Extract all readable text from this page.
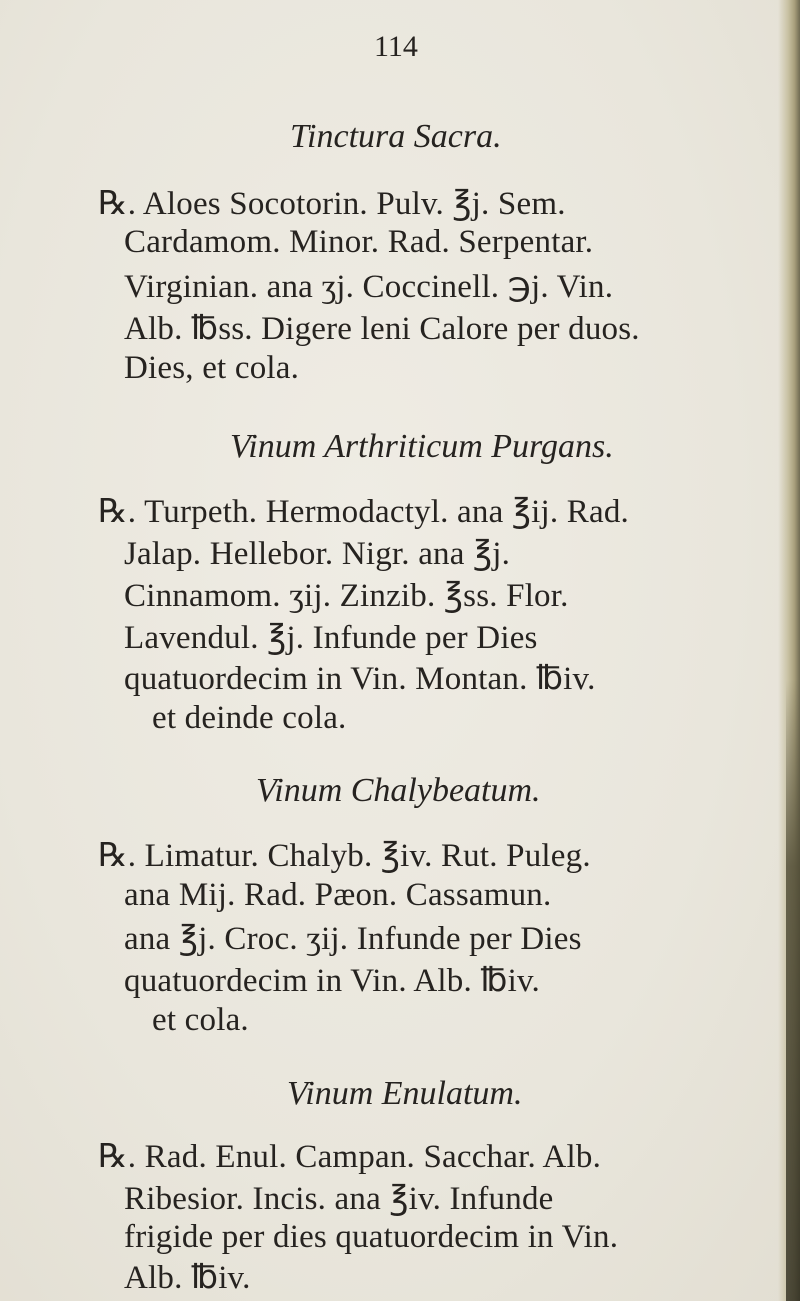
114
Tinctura Sacra.
℞. Aloes Socotorin. Pulv. ℥j. Sem.
Cardamom. Minor. Rad. Serpentar.
Virginian. ana ʒj. Coccinell. ℈j. Vin.
Alb. ℔ss. Digere leni Calore per duos.
Dies, et cola.
Vinum Arthriticum Purgans.
℞. Turpeth. Hermodactyl. ana ℥ij. Rad.
Jalap. Hellebor. Nigr. ana ℥j.
Cinnamom. ʒij. Zinzib. ℥ss. Flor.
Lavendul. ℥j. Infunde per Dies
quatuordecim in Vin. Montan. ℔iv.
et deinde cola.
Vinum Chalybeatum.
℞. Limatur. Chalyb. ℥iv. Rut. Puleg.
ana Mij. Rad. Pæon. Cassamun.
ana ℥j. Croc. ʒij. Infunde per Dies
quatuordecim in Vin. Alb. ℔iv.
et cola.
Vinum Enulatum.
℞. Rad. Enul. Campan. Sacchar. Alb.
Ribesior. Incis. ana ℥iv. Infunde
frigide per dies quatuordecim in Vin.
Alb. ℔iv.
